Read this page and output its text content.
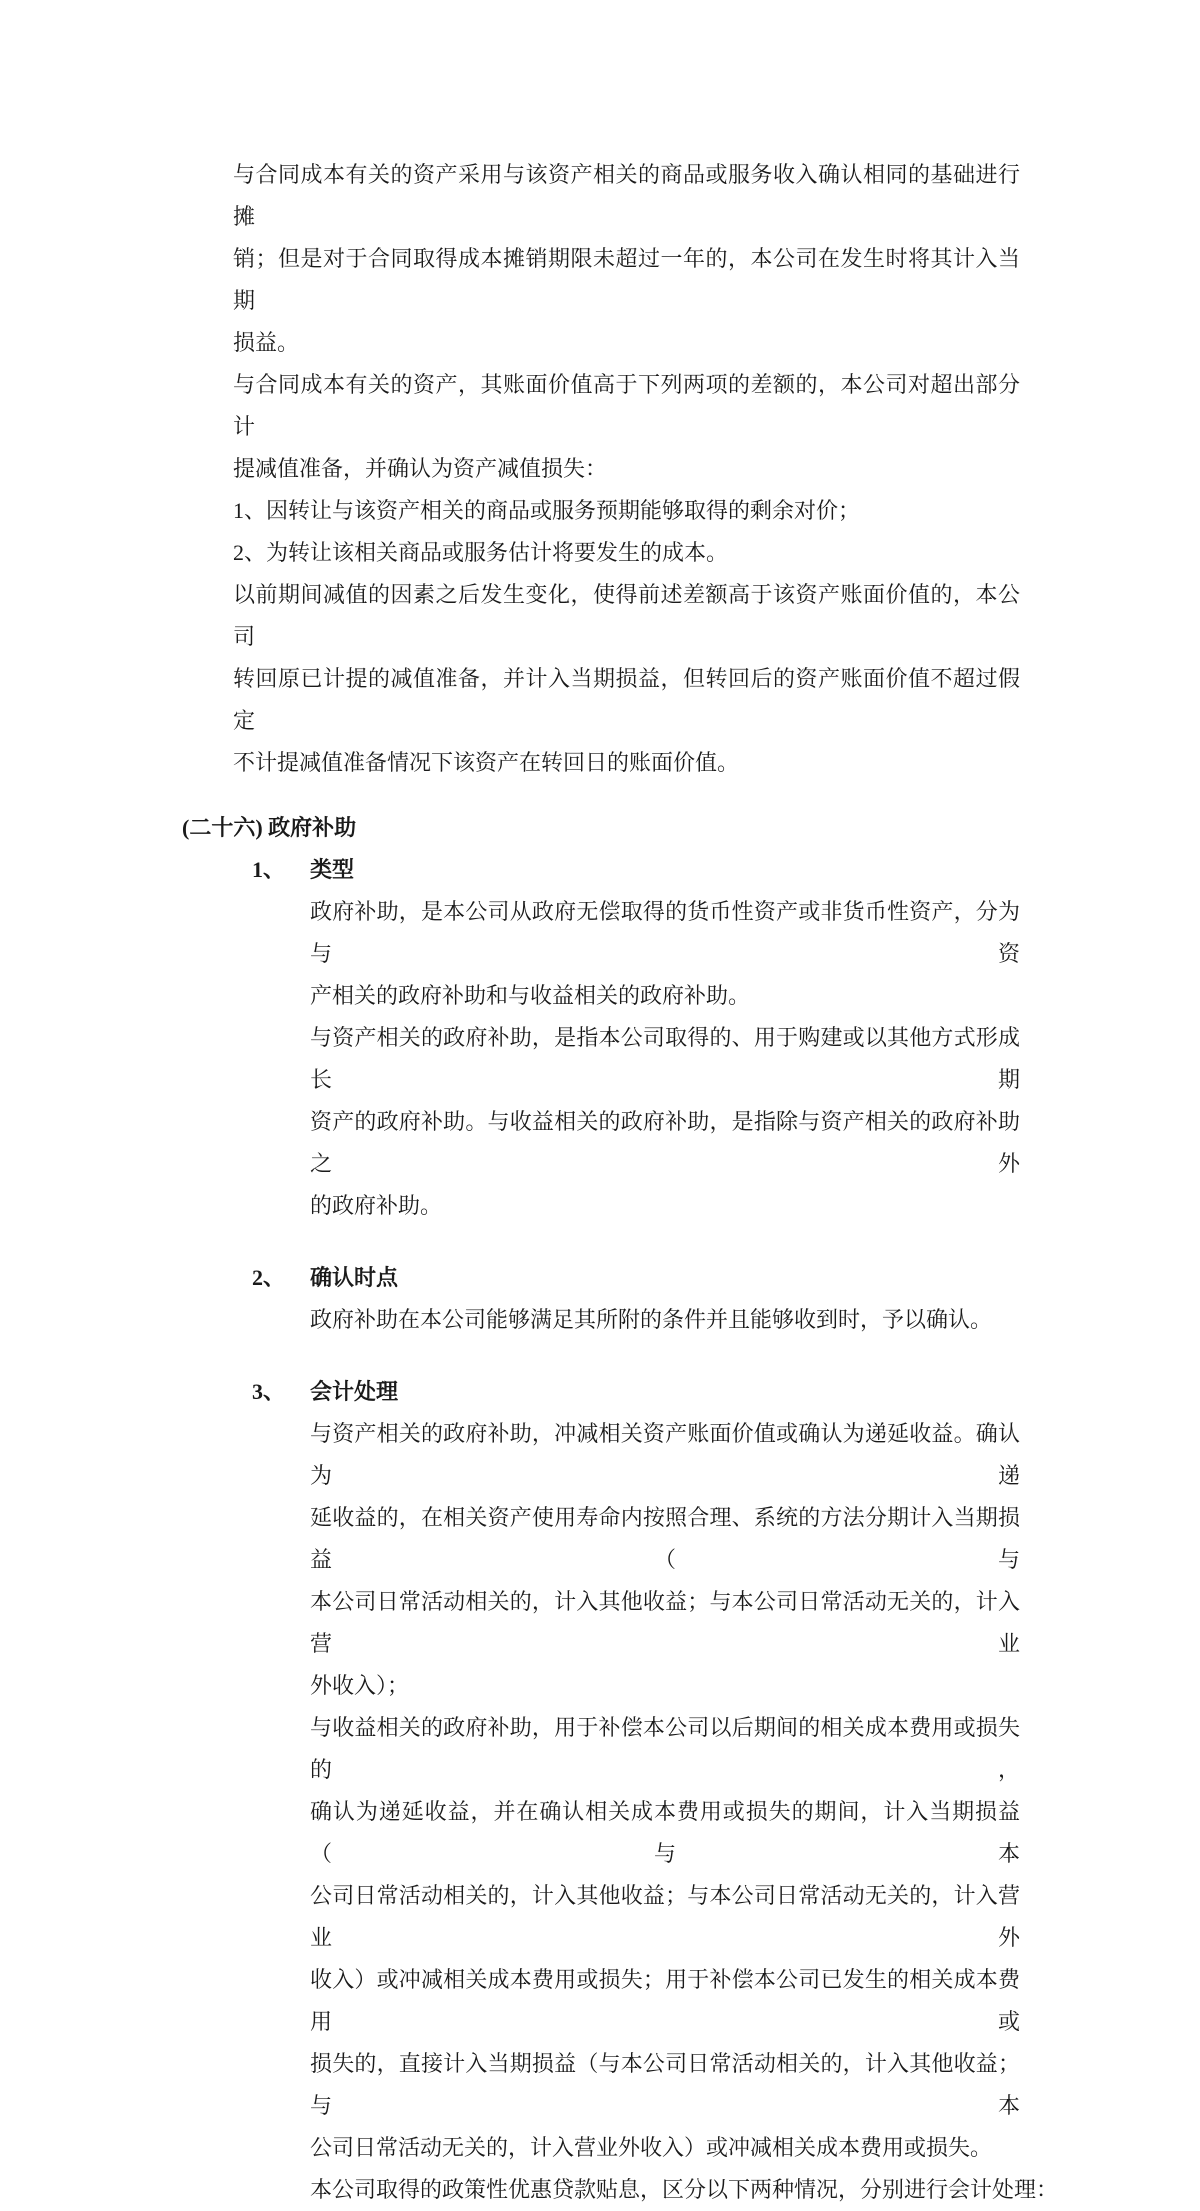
与合同成本有关的资产采用与该资产相关的商品或服务收入确认相同的基础进行摊
销；但是对于合同取得成本摊销期限未超过一年的，本公司在发生时将其计入当期
损益。
与合同成本有关的资产，其账面价值高于下列两项的差额的，本公司对超出部分计
提减值准备，并确认为资产减值损失：
1、因转让与该资产相关的商品或服务预期能够取得的剩余对价；
2、为转让该相关商品或服务估计将要发生的成本。
以前期间减值的因素之后发生变化，使得前述差额高于该资产账面价值的，本公司
转回原已计提的减值准备，并计入当期损益，但转回后的资产账面价值不超过假定
不计提减值准备情况下该资产在转回日的账面价值。
(二十六) 政府补助
1、 类型
政府补助，是本公司从政府无偿取得的货币性资产或非货币性资产，分为与资
产相关的政府补助和与收益相关的政府补助。
与资产相关的政府补助，是指本公司取得的、用于购建或以其他方式形成长期
资产的政府补助。与收益相关的政府补助，是指除与资产相关的政府补助之外
的政府补助。
2、 确认时点
政府补助在本公司能够满足其所附的条件并且能够收到时，予以确认。
3、 会计处理
与资产相关的政府补助，冲减相关资产账面价值或确认为递延收益。确认为递
延收益的，在相关资产使用寿命内按照合理、系统的方法分期计入当期损益（与
本公司日常活动相关的，计入其他收益；与本公司日常活动无关的，计入营业
外收入）；
与收益相关的政府补助，用于补偿本公司以后期间的相关成本费用或损失的，
确认为递延收益，并在确认相关成本费用或损失的期间，计入当期损益（与本
公司日常活动相关的，计入其他收益；与本公司日常活动无关的，计入营业外
收入）或冲减相关成本费用或损失；用于补偿本公司已发生的相关成本费用或
损失的，直接计入当期损益（与本公司日常活动相关的，计入其他收益；与本
公司日常活动无关的，计入营业外收入）或冲减相关成本费用或损失。
本公司取得的政策性优惠贷款贴息，区分以下两种情况，分别进行会计处理：
